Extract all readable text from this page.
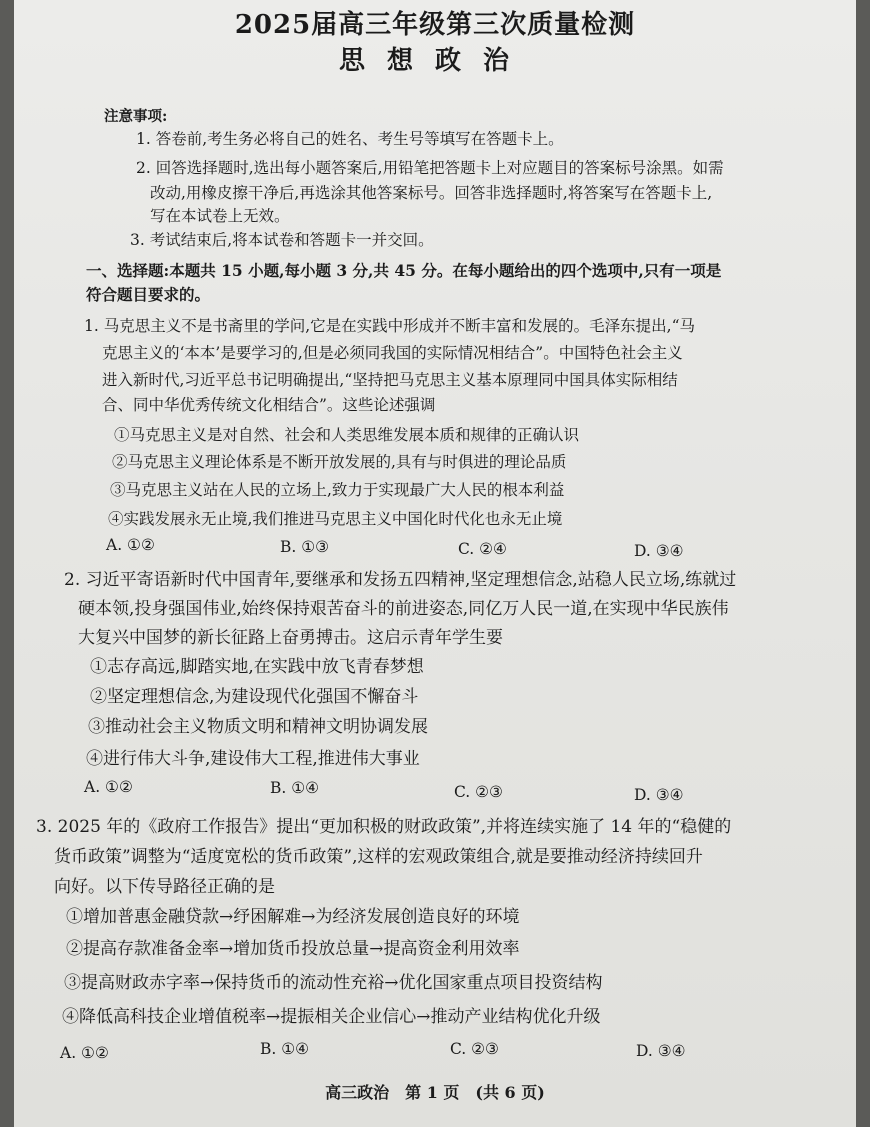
2025届高三年级第三次质量检测
思想政治
注意事项:
1. 答卷前,考生务必将自己的姓名、考生号等填写在答题卡上。
2. 回答选择题时,选出每小题答案后,用铅笔把答题卡上对应题目的答案标号涂黑。如需
改动,用橡皮擦干净后,再选涂其他答案标号。回答非选择题时,将答案写在答题卡上,
写在本试卷上无效。
3. 考试结束后,将本试卷和答题卡一并交回。
一、选择题:本题共 15 小题,每小题 3 分,共 45 分。在每小题给出的四个选项中,只有一项是
符合题目要求的。
1. 马克思主义不是书斋里的学问,它是在实践中形成并不断丰富和发展的。毛泽东提出,“马
克思主义的‘本本’是要学习的,但是必须同我国的实际情况相结合”。中国特色社会主义
进入新时代,习近平总书记明确提出,“坚持把马克思主义基本原理同中国具体实际相结
合、同中华优秀传统文化相结合”。这些论述强调
①马克思主义是对自然、社会和人类思维发展本质和规律的正确认识
②马克思主义理论体系是不断开放发展的,具有与时俱进的理论品质
③马克思主义站在人民的立场上,致力于实现最广大人民的根本利益
④实践发展永无止境,我们推进马克思主义中国化时代化也永无止境
A. ①②	B. ①③	C. ②④	D. ③④
2. 习近平寄语新时代中国青年,要继承和发扬五四精神,坚定理想信念,站稳人民立场,练就过
硬本领,投身强国伟业,始终保持艰苦奋斗的前进姿态,同亿万人民一道,在实现中华民族伟
大复兴中国梦的新长征路上奋勇搏击。这启示青年学生要
①志存高远,脚踏实地,在实践中放飞青春梦想
②坚定理想信念,为建设现代化强国不懈奋斗
③推动社会主义物质文明和精神文明协调发展
④进行伟大斗争,建设伟大工程,推进伟大事业
A. ①②	B. ①④	C. ②③	D. ③④
3. 2025 年的《政府工作报告》提出“更加积极的财政政策”,并将连续实施了 14 年的“稳健的
货币政策”调整为“适度宽松的货币政策”,这样的宏观政策组合,就是要推动经济持续回升
向好。以下传导路径正确的是
①增加普惠金融贷款→纾困解难→为经济发展创造良好的环境
②提高存款准备金率→增加货币投放总量→提高资金利用效率
③提高财政赤字率→保持货币的流动性充裕→优化国家重点项目投资结构
④降低高科技企业增值税率→提振相关企业信心→推动产业结构优化升级
A. ①②	B. ①④	C. ②③	D. ③④
高三政治　第 1 页　(共 6 页)
